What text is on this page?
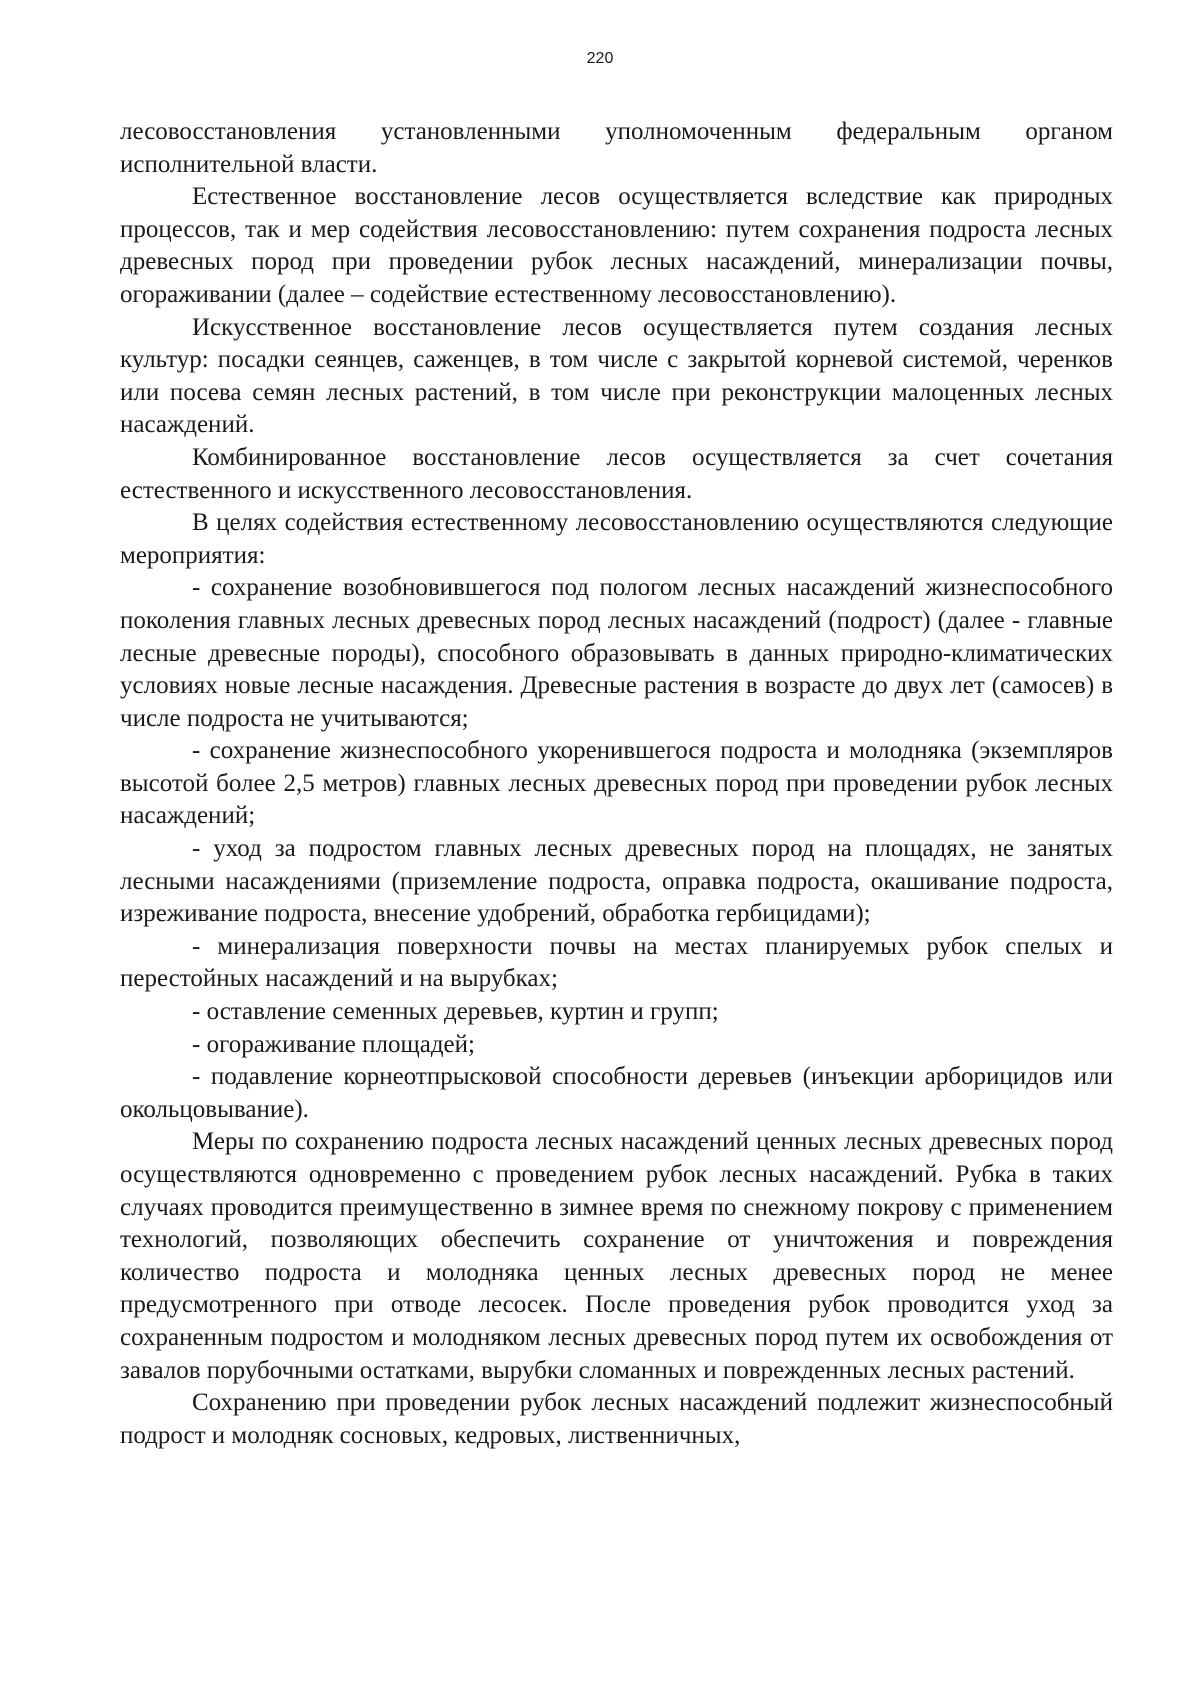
220

лесовосстановления установленными уполномоченным федеральным органом исполнительной власти.

Естественное восстановление лесов осуществляется вследствие как природных процессов, так и мер содействия лесовосстановлению: путем сохранения подроста лесных древесных пород при проведении рубок лесных насаждений, минерализации почвы, огораживании (далее – содействие естественному лесовосстановлению).

Искусственное восстановление лесов осуществляется путем создания лесных культур: посадки сеянцев, саженцев, в том числе с закрытой корневой системой, черенков или посева семян лесных растений, в том числе при реконструкции малоценных лесных насаждений.

Комбинированное восстановление лесов осуществляется за счет сочетания естественного и искусственного лесовосстановления.

В целях содействия естественному лесовосстановлению осуществляются следующие мероприятия:

- сохранение возобновившегося под пологом лесных насаждений жизнеспособного поколения главных лесных древесных пород лесных насаждений (подрост) (далее - главные лесные древесные породы), способного образовывать в данных природно-климатических условиях новые лесные насаждения. Древесные растения в возрасте до двух лет (самосев) в числе подроста не учитываются;

- сохранение жизнеспособного укоренившегося подроста и молодняка (экземпляров высотой более 2,5 метров) главных лесных древесных пород при проведении рубок лесных насаждений;

- уход за подростом главных лесных древесных пород на площадях, не занятых лесными насаждениями (приземление подроста, оправка подроста, окашивание подроста, изреживание подроста, внесение удобрений, обработка гербицидами);

- минерализация поверхности почвы на местах планируемых рубок спелых и перестойных насаждений и на вырубках;

- оставление семенных деревьев, куртин и групп;

- огораживание площадей;

- подавление корнеотпрысковой способности деревьев (инъекции арборицидов или окольцовывание).

Меры по сохранению подроста лесных насаждений ценных лесных древесных пород осуществляются одновременно с проведением рубок лесных насаждений. Рубка в таких случаях проводится преимущественно в зимнее время по снежному покрову с применением технологий, позволяющих обеспечить сохранение от уничтожения и повреждения количество подроста и молодняка ценных лесных древесных пород не менее предусмотренного при отводе лесосек. После проведения рубок проводится уход за сохраненным подростом и молодняком лесных древесных пород путем их освобождения от завалов порубочными остатками, вырубки сломанных и поврежденных лесных растений.

Сохранению при проведении рубок лесных насаждений подлежит жизнеспособный подрост и молодняк сосновых, кедровых, лиственничных,
